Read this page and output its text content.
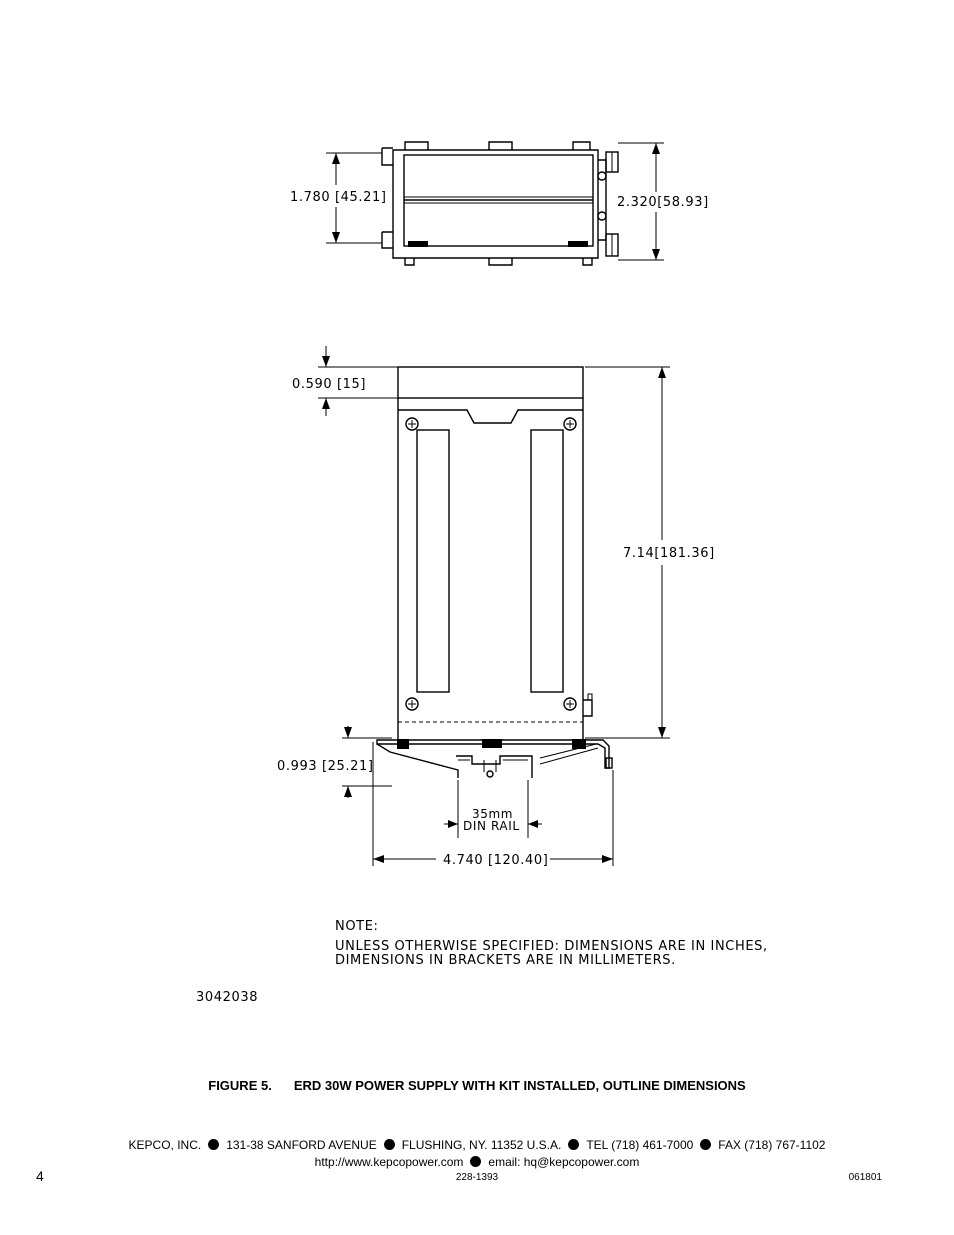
1.780 [45.21]	2.320[58.93]
0.590 [15]
7.14[181.36]
0.993 [25.21]
35mm
DIN RAIL
4.740 [120.40]
NOTE:
UNLESS OTHERWISE SPECIFIED: DIMENSIONS ARE IN INCHES,
DIMENSIONS IN BRACKETS ARE IN MILLIMETERS.
3042038
FIGURE 5. ERD 30W POWER SUPPLY WITH KIT INSTALLED, OUTLINE DIMENSIONS
KEPCO, INC. 131-38 SANFORD AVENUE FLUSHING, NY. 11352 U.S.A. TEL (718) 461-7000 FAX (718) 767-1102
http://www.kepcopower.com email: hq@kepcopower.com
4	228-1393	061801
